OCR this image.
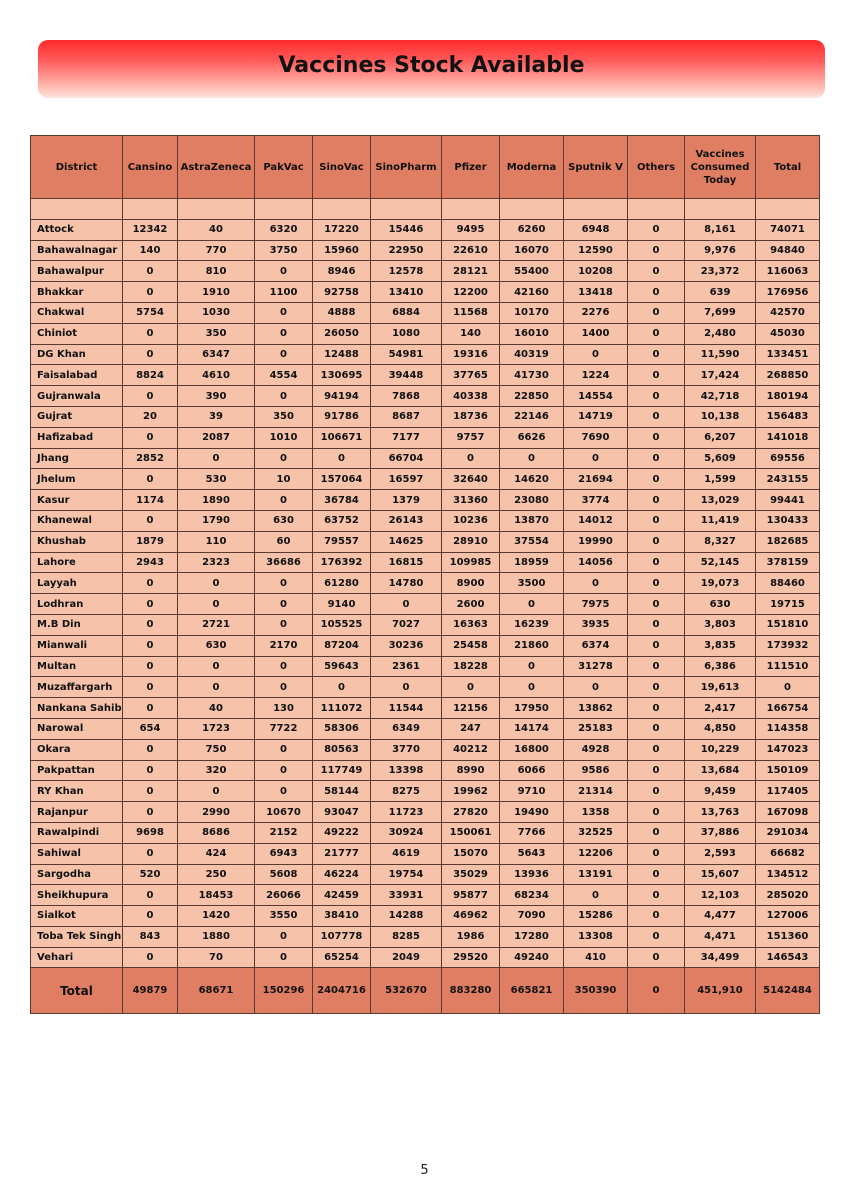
Vaccines Stock Available
District	Cansino	AstraZeneca	PakVac	SinoVac	SinoPharm	Pfizer	Moderna	Sputnik V	Others	Vaccines Consumed Today	Total

Attock	12342	40	6320	17220	15446	9495	6260	6948	0	8,161	74071
Bahawalnagar	140	770	3750	15960	22950	22610	16070	12590	0	9,976	94840
Bahawalpur	0	810	0	8946	12578	28121	55400	10208	0	23,372	116063
Bhakkar	0	1910	1100	92758	13410	12200	42160	13418	0	639	176956
Chakwal	5754	1030	0	4888	6884	11568	10170	2276	0	7,699	42570
Chiniot	0	350	0	26050	1080	140	16010	1400	0	2,480	45030
DG Khan	0	6347	0	12488	54981	19316	40319	0	0	11,590	133451
Faisalabad	8824	4610	4554	130695	39448	37765	41730	1224	0	17,424	268850
Gujranwala	0	390	0	94194	7868	40338	22850	14554	0	42,718	180194
Gujrat	20	39	350	91786	8687	18736	22146	14719	0	10,138	156483
Hafizabad	0	2087	1010	106671	7177	9757	6626	7690	0	6,207	141018
Jhang	2852	0	0	0	66704	0	0	0	0	5,609	69556
Jhelum	0	530	10	157064	16597	32640	14620	21694	0	1,599	243155
Kasur	1174	1890	0	36784	1379	31360	23080	3774	0	13,029	99441
Khanewal	0	1790	630	63752	26143	10236	13870	14012	0	11,419	130433
Khushab	1879	110	60	79557	14625	28910	37554	19990	0	8,327	182685
Lahore	2943	2323	36686	176392	16815	109985	18959	14056	0	52,145	378159
Layyah	0	0	0	61280	14780	8900	3500	0	0	19,073	88460
Lodhran	0	0	0	9140	0	2600	0	7975	0	630	19715
M.B Din	0	2721	0	105525	7027	16363	16239	3935	0	3,803	151810
Mianwali	0	630	2170	87204	30236	25458	21860	6374	0	3,835	173932
Multan	0	0	0	59643	2361	18228	0	31278	0	6,386	111510
Muzaffargarh	0	0	0	0	0	0	0	0	0	19,613	0
Nankana Sahib	0	40	130	111072	11544	12156	17950	13862	0	2,417	166754
Narowal	654	1723	7722	58306	6349	247	14174	25183	0	4,850	114358
Okara	0	750	0	80563	3770	40212	16800	4928	0	10,229	147023
Pakpattan	0	320	0	117749	13398	8990	6066	9586	0	13,684	150109
RY Khan	0	0	0	58144	8275	19962	9710	21314	0	9,459	117405
Rajanpur	0	2990	10670	93047	11723	27820	19490	1358	0	13,763	167098
Rawalpindi	9698	8686	2152	49222	30924	150061	7766	32525	0	37,886	291034
Sahiwal	0	424	6943	21777	4619	15070	5643	12206	0	2,593	66682
Sargodha	520	250	5608	46224	19754	35029	13936	13191	0	15,607	134512
Sheikhupura	0	18453	26066	42459	33931	95877	68234	0	0	12,103	285020
Sialkot	0	1420	3550	38410	14288	46962	7090	15286	0	4,477	127006
Toba Tek Singh	843	1880	0	107778	8285	1986	17280	13308	0	4,471	151360
Vehari	0	70	0	65254	2049	29520	49240	410	0	34,499	146543
Total	49879	68671	150296	2404716	532670	883280	665821	350390	0	451,910	5142484
5
